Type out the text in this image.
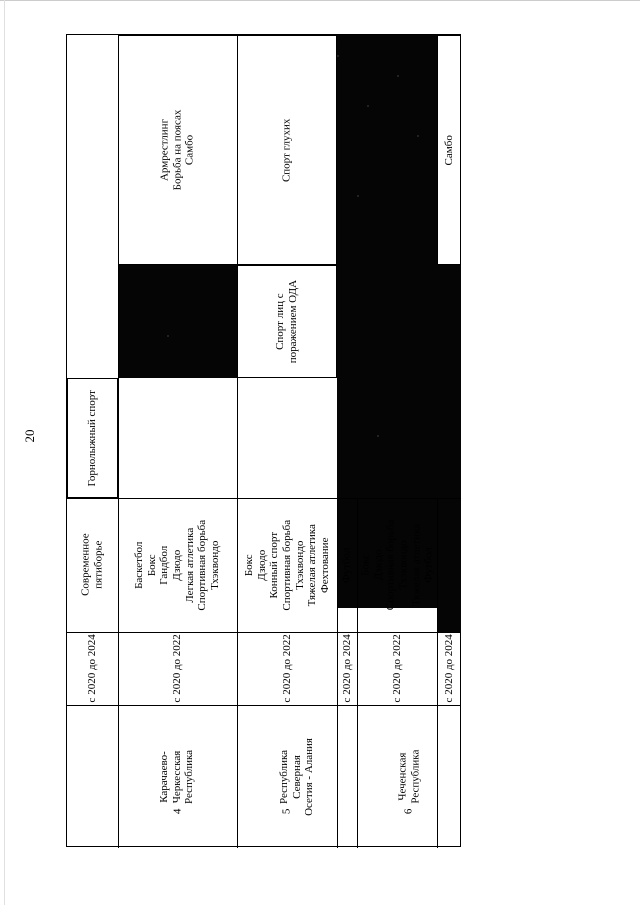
20	Горнолыжный спорт
Современное пятиборье
с 2020 до 2024
4
Карачаево- Черкесская Республика
с 2020 до 2022
Баскетбол Бокс Гандбол Дзюдо Легкая атлетика Спортивная борьба Тхэквондо
Армрестлинг Борьба на поясах Самбо
5
Республика Северная Осетия - Алания
с 2020 до 2022
Бокс Дзюдо Конный спорт Спортивная борьба Тхэквондо Тяжелая атлетика Фехтование
Спорт лиц с поражением ОДА
Спорт глухих
с 2020 до 2024
Футбол
6
Чеченская Республика
с 2020 до 2022
Бокс Дзюдо Спортивная борьба Тхэквондо Тяжелая атлетика Футбол
Самбо
с 2020 до 2024
